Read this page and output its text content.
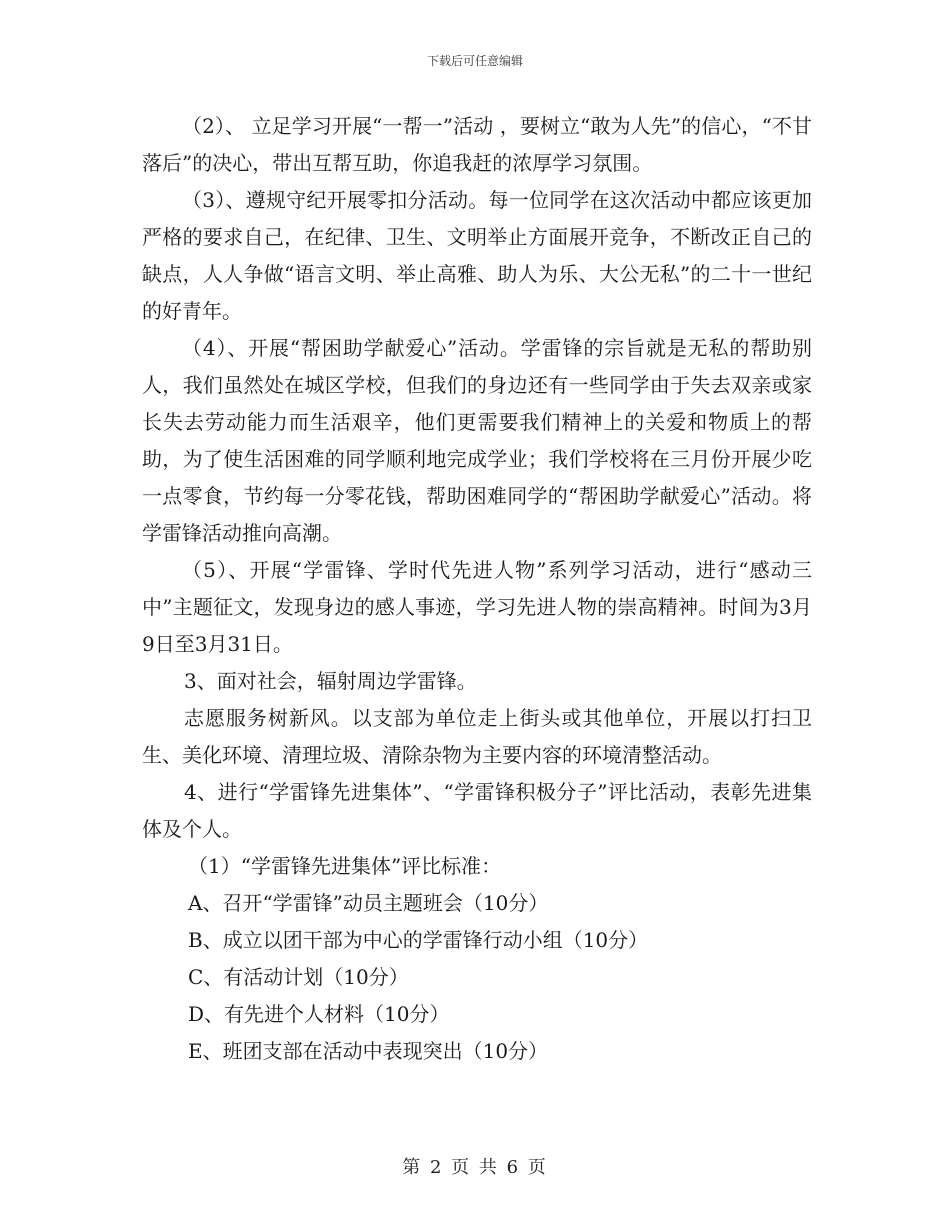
下载后可任意编辑

（2）、 立足学习开展“一帮一”活动 ，要树立“敢为人先”的信心，“不甘落后”的决心，带出互帮互助，你追我赶的浓厚学习氛围。

（3）、遵规守纪开展零扣分活动。每一位同学在这次活动中都应该更加严格的要求自己，在纪律、卫生、文明举止方面展开竞争，不断改正自己的缺点，人人争做“语言文明、举止高雅、助人为乐、大公无私”的二十一世纪的好青年。

（4）、开展“帮困助学献爱心”活动。学雷锋的宗旨就是无私的帮助别人，我们虽然处在城区学校，但我们的身边还有一些同学由于失去双亲或家长失去劳动能力而生活艰辛，他们更需要我们精神上的关爱和物质上的帮助，为了使生活困难的同学顺利地完成学业；我们学校将在三月份开展少吃一点零食，节约每一分零花钱，帮助困难同学的“帮困助学献爱心”活动。将学雷锋活动推向高潮。

（5）、开展“学雷锋、学时代先进人物”系列学习活动，进行“感动三中”主题征文，发现身边的感人事迹，学习先进人物的崇高精神。时间为3月9日至3月31日。

3、面对社会，辐射周边学雷锋。

志愿服务树新风。以支部为单位走上街头或其他单位，开展以打扫卫生、美化环境、清理垃圾、清除杂物为主要内容的环境清整活动。

4、进行“学雷锋先进集体”、“学雷锋积极分子”评比活动，表彰先进集体及个人。

（1）“学雷锋先进集体”评比标准：

A、召开“学雷锋”动员主题班会（10分）

B、成立以团干部为中心的学雷锋行动小组（10分）

C、有活动计划（10分）

D、有先进个人材料（10分）

E、班团支部在活动中表现突出（10分）

第 2 页 共 6 页
